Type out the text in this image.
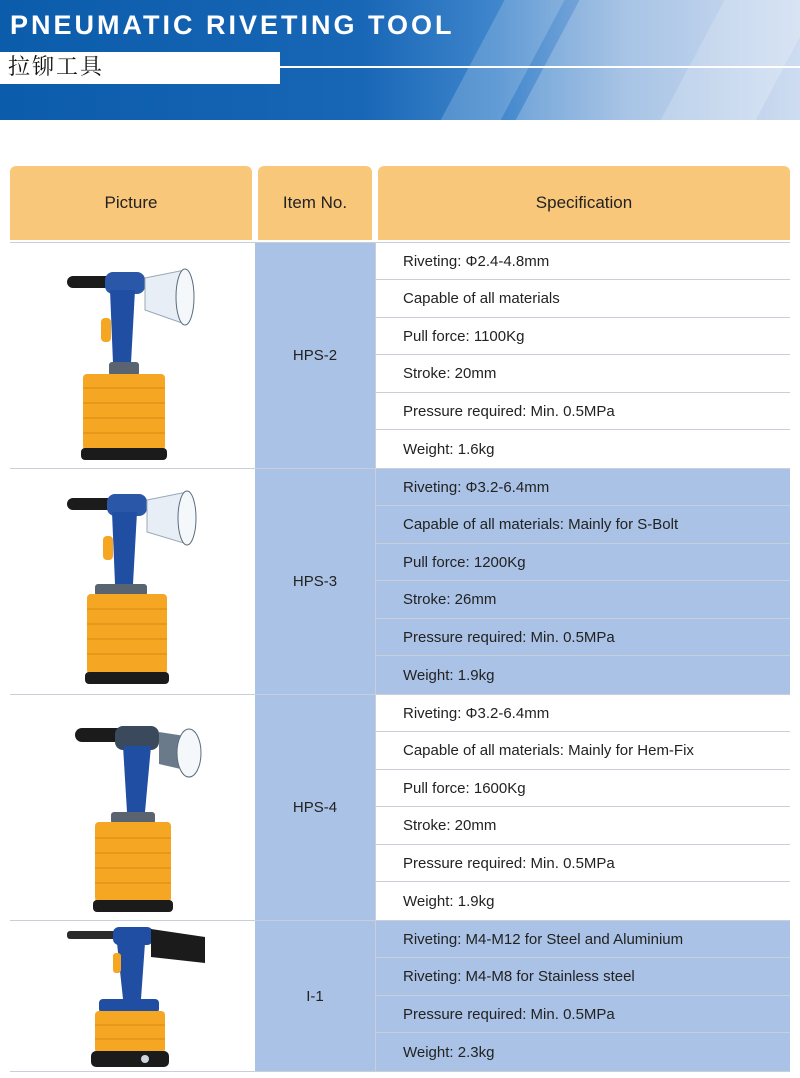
PNEUMATIC RIVETING TOOL
拉铆工具
Picture	Item No.	Specification
HPS-2
Riveting: Φ2.4-4.8mm
Capable of all materials
Pull force: 1100Kg
Stroke: 20mm
Pressure required: Min. 0.5MPa
Weight: 1.6kg
HPS-3
Riveting: Φ3.2-6.4mm
Capable of all materials: Mainly for S-Bolt
Pull force: 1200Kg
Stroke: 26mm
Pressure required: Min. 0.5MPa
Weight: 1.9kg
HPS-4
Riveting: Φ3.2-6.4mm
Capable of all materials: Mainly for Hem-Fix
Pull force: 1600Kg
Stroke: 20mm
Pressure required: Min. 0.5MPa
Weight: 1.9kg
I-1
Riveting: M4-M12 for Steel and Aluminium
Riveting: M4-M8 for Stainless steel
Pressure required: Min. 0.5MPa
Weight: 2.3kg
